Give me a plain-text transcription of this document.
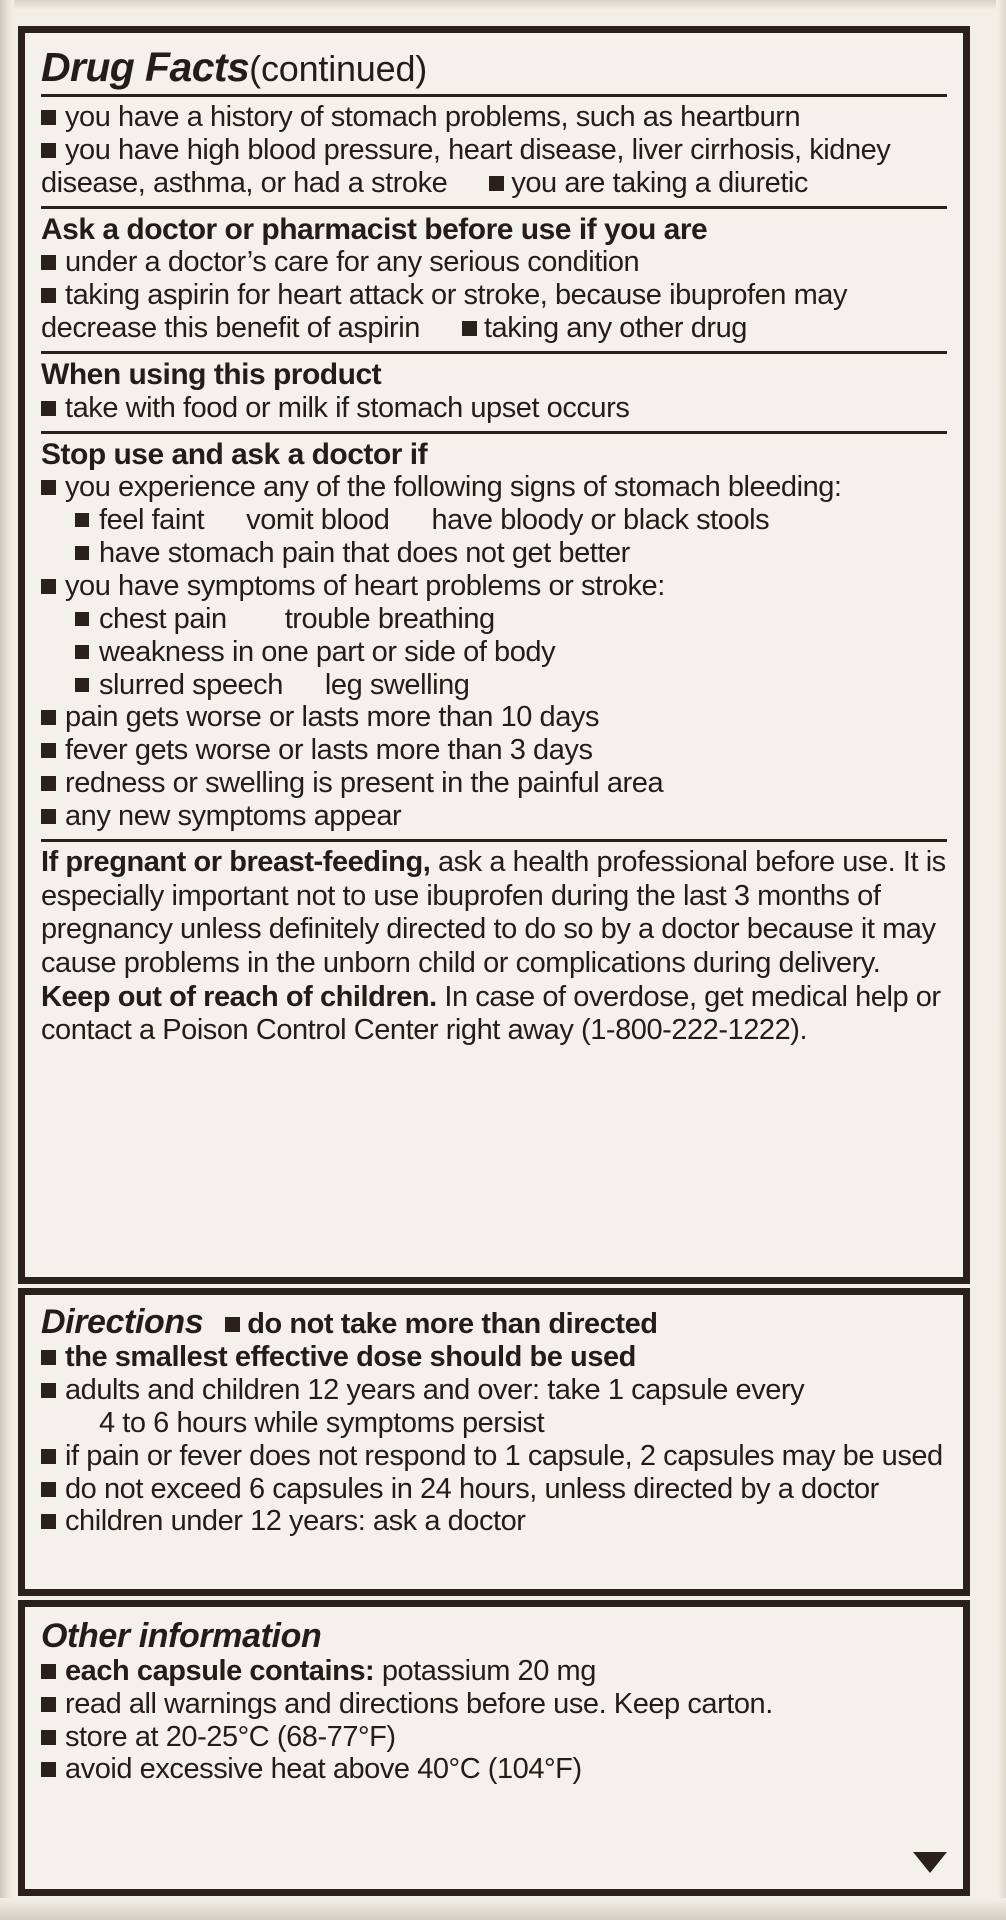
Drug Facts(continued)
you have a history of stomach problems, such as heartburn
you have high blood pressure, heart disease, liver cirrhosis, kidney
disease, asthma, or had a stroke you are taking a diuretic
Ask a doctor or pharmacist before use if you are
under a doctor’s care for any serious condition
taking aspirin for heart attack or stroke, because ibuprofen may
decrease this benefit of aspirin taking any other drug
When using this product
take with food or milk if stomach upset occurs
Stop use and ask a doctor if
you experience any of the following signs of stomach bleeding:
feel faint vomit blood have bloody or black stools
have stomach pain that does not get better
you have symptoms of heart problems or stroke:
chest pain trouble breathing
weakness in one part or side of body
slurred speech leg swelling
pain gets worse or lasts more than 10 days
fever gets worse or lasts more than 3 days
redness or swelling is present in the painful area
any new symptoms appear
If pregnant or breast-feeding, ask a health professional before use. It is especially important not to use ibuprofen during the last 3 months of pregnancy unless definitely directed to do so by a doctor because it may cause problems in the unborn child or complications during delivery.
Keep out of reach of children. In case of overdose, get medical help or contact a Poison Control Center right away (1-800-222-1222).
Directions	do not take more than directed
the smallest effective dose should be used
adults and children 12 years and over: take 1 capsule every
4 to 6 hours while symptoms persist
if pain or fever does not respond to 1 capsule, 2 capsules may be used
do not exceed 6 capsules in 24 hours, unless directed by a doctor
children under 12 years: ask a doctor
Other information
each capsule contains: potassium 20 mg
read all warnings and directions before use. Keep carton.
store at 20-25°C (68-77°F)
avoid excessive heat above 40°C (104°F)
